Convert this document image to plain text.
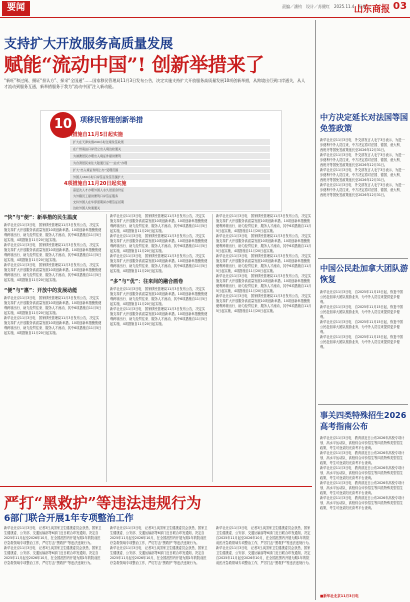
要闻	责编／潘钧　设计／苏健红　2025.11.4　星期二
山东商报 03
支持扩大开放服务高质量发展
赋能“流动中国”! 创新举措来了
“新旺”和过闸、摄证“担认方”、探采“全国通”……国家移民管理局11月3日发布公告，决定实施支持扩大开放服务高质量发展10项创新举措，从跨境出行到口岸通关，从人才流动到服务互通，新举措服务于我为“流动中国”注入新动能。
10	项移民管理创新举措
6项措施自11月5日起实施
扩大在天津实施240小时过境免签政策
在广州南站口岸设立出入境边检通关
为港澳居民办理出入境证件提供便利
为台湾居民来往大陆通行证“一站式”办理
扩大“出入境证件网上办”受理范围
外国人160小时口岸签证免签范围扩大
4项措施自11月20日起实施
高层次人才办理外国人永久居留身份证
为外籍员工提供便利口岸签证服务
支持外国人在华停留期间办理签证延期
边检外国人快速通关
“快”与“便”：新举措的民生温度
新华社北京11月3日电　国家移民管理局11月3日发布公告，决定实施支持扩大开放服务高质量发展10项创新举措。10项创新举措聚焦便利跨境出行、助力经贸往来、服务人才流动，其中6项措施自11月5日起实施，4项措施自11月20日起实施。
新华社北京11月3日电　国家移民管理局11月3日发布公告，决定实施支持扩大开放服务高质量发展10项创新举措。10项创新举措聚焦便利跨境出行、助力经贸往来、服务人才流动，其中6项措施自11月5日起实施，4项措施自11月20日起实施。
新华社北京11月3日电　国家移民管理局11月3日发布公告，决定实施支持扩大开放服务高质量发展10项创新举措。10项创新举措聚焦便利跨境出行、助力经贸往来、服务人才流动，其中6项措施自11月5日起实施，4项措施自11月20日起实施。
“便”与“惠”：开放中的发展动能
新华社北京11月3日电　国家移民管理局11月3日发布公告，决定实施支持扩大开放服务高质量发展10项创新举措。10项创新举措聚焦便利跨境出行、助力经贸往来、服务人才流动，其中6项措施自11月5日起实施，4项措施自11月20日起实施。
新华社北京11月3日电　国家移民管理局11月3日发布公告，决定实施支持扩大开放服务高质量发展10项创新举措。10项创新举措聚焦便利跨境出行、助力经贸往来、服务人才流动，其中6项措施自11月5日起实施，4项措施自11月20日起实施。
新华社北京11月3日电　国家移民管理局11月3日发布公告，决定实施支持扩大开放服务高质量发展10项创新举措。10项创新举措聚焦便利跨境出行、助力经贸往来、服务人才流动，其中6项措施自11月5日起实施，4项措施自11月20日起实施。
新华社北京11月3日电　国家移民管理局11月3日发布公告，决定实施支持扩大开放服务高质量发展10项创新举措。10项创新举措聚焦便利跨境出行、助力经贸往来、服务人才流动，其中6项措施自11月5日起实施，4项措施自11月20日起实施。
新华社北京11月3日电　国家移民管理局11月3日发布公告，决定实施支持扩大开放服务高质量发展10项创新举措。10项创新举措聚焦便利跨境出行、助力经贸往来、服务人才流动，其中6项措施自11月5日起实施，4项措施自11月20日起实施。
“多”与“优”：往来间的融合画卷
新华社北京11月3日电　国家移民管理局11月3日发布公告，决定实施支持扩大开放服务高质量发展10项创新举措。10项创新举措聚焦便利跨境出行、助力经贸往来、服务人才流动，其中6项措施自11月5日起实施，4项措施自11月20日起实施。
新华社北京11月3日电　国家移民管理局11月3日发布公告，决定实施支持扩大开放服务高质量发展10项创新举措。10项创新举措聚焦便利跨境出行、助力经贸往来、服务人才流动，其中6项措施自11月5日起实施，4项措施自11月20日起实施。
新华社北京11月3日电　国家移民管理局11月3日发布公告，决定实施支持扩大开放服务高质量发展10项创新举措。10项创新举措聚焦便利跨境出行、助力经贸往来、服务人才流动，其中6项措施自11月5日起实施，4项措施自11月20日起实施。
新华社北京11月3日电　国家移民管理局11月3日发布公告，决定实施支持扩大开放服务高质量发展10项创新举措。10项创新举措聚焦便利跨境出行、助力经贸往来、服务人才流动，其中6项措施自11月5日起实施，4项措施自11月20日起实施。
新华社北京11月3日电　国家移民管理局11月3日发布公告，决定实施支持扩大开放服务高质量发展10项创新举措。10项创新举措聚焦便利跨境出行、助力经贸往来、服务人才流动，其中6项措施自11月5日起实施，4项措施自11月20日起实施。
新华社北京11月3日电　国家移民管理局11月3日发布公告，决定实施支持扩大开放服务高质量发展10项创新举措。10项创新举措聚焦便利跨境出行、助力经贸往来、服务人才流动，其中6项措施自11月5日起实施，4项措施自11月20日起实施。
新华社北京11月3日电　国家移民管理局11月3日发布公告，决定实施支持扩大开放服务高质量发展10项创新举措。10项创新举措聚焦便利跨境出行、助力经贸往来、服务人才流动，其中6项措施自11月5日起实施，4项措施自11月20日起实施。
严打“黑救护”等违法违规行为
6部门联合开展1年专项整治工作
新华社北京11月3日电　记者3日从国家卫生健康委员会获悉，国家卫生健康委、公安部、交通运输部等6部门近日联合印发通知，决定自2025年11月起至2026年10月，在全国范围内开展为期1年的院前医疗急救领域专项整治工作，严厉打击“黑救护”等违法违规行为。
新华社北京11月3日电　记者3日从国家卫生健康委员会获悉，国家卫生健康委、公安部、交通运输部等6部门近日联合印发通知，决定自2025年11月起至2026年10月，在全国范围内开展为期1年的院前医疗急救领域专项整治工作，严厉打击“黑救护”等违法违规行为。
新华社北京11月3日电　记者3日从国家卫生健康委员会获悉，国家卫生健康委、公安部、交通运输部等6部门近日联合印发通知，决定自2025年11月起至2026年10月，在全国范围内开展为期1年的院前医疗急救领域专项整治工作，严厉打击“黑救护”等违法违规行为。
新华社北京11月3日电　记者3日从国家卫生健康委员会获悉，国家卫生健康委、公安部、交通运输部等6部门近日联合印发通知，决定自2025年11月起至2026年10月，在全国范围内开展为期1年的院前医疗急救领域专项整治工作，严厉打击“黑救护”等违法违规行为。
新华社北京11月3日电　记者3日从国家卫生健康委员会获悉，国家卫生健康委、公安部、交通运输部等6部门近日联合印发通知，决定自2025年11月起至2026年10月，在全国范围内开展为期1年的院前医疗急救领域专项整治工作，严厉打击“黑救护”等违法违规行为。
新华社北京11月3日电　记者3日从国家卫生健康委员会获悉，国家卫生健康委、公安部、交通运输部等6部门近日联合印发通知，决定自2025年11月起至2026年10月，在全国范围内开展为期1年的院前医疗急救领域专项整治工作，严厉打击“黑救护”等违法违规行为。
中方决定延长对法国等国免签政策
新华社北京11月3日电　外交部发言人毛宁3日表示，为进一步便利中外人员往来，中方决定将对法国、德国、意大利、西班牙等国免签政策延长至2026年12月31日。
新华社北京11月3日电　外交部发言人毛宁3日表示，为进一步便利中外人员往来，中方决定将对法国、德国、意大利、西班牙等国免签政策延长至2026年12月31日。
新华社北京11月3日电　外交部发言人毛宁3日表示，为进一步便利中外人员往来，中方决定将对法国、德国、意大利、西班牙等国免签政策延长至2026年12月31日。
新华社北京11月3日电　外交部发言人毛宁3日表示，为进一步便利中外人员往来，中方决定将对法国、德国、意大利、西班牙等国免签政策延长至2026年12月31日。
中国公民赴加拿大团队游恢复
新华社北京11月3日电　自2025年11月15日起，恢复中国公民赴加拿大团队旅游业务，为中外人员往来提供更多便利。
新华社北京11月3日电　自2025年11月15日起，恢复中国公民赴加拿大团队旅游业务，为中外人员往来提供更多便利。
新华社北京11月3日电　自2025年11月15日起，恢复中国公民赴加拿大团队旅游业务，为中外人员往来提供更多便利。
新华社北京11月3日电　自2025年11月15日起，恢复中国公民赴加拿大团队旅游业务，为中外人员往来提供更多便利。
事关四类特殊招生2026高考指南公布
新华社北京11月3日电　教育部近日公布2026年高校专项计划、高水平运动队、高校综合评价招生等四类特殊类型招生政策，考生可登录阳光高考平台查询。
新华社北京11月3日电　教育部近日公布2026年高校专项计划、高水平运动队、高校综合评价招生等四类特殊类型招生政策，考生可登录阳光高考平台查询。
新华社北京11月3日电　教育部近日公布2026年高校专项计划、高水平运动队、高校综合评价招生等四类特殊类型招生政策，考生可登录阳光高考平台查询。
新华社北京11月3日电　教育部近日公布2026年高校专项计划、高水平运动队、高校综合评价招生等四类特殊类型招生政策，考生可登录阳光高考平台查询。
新华社北京11月3日电　教育部近日公布2026年高校专项计划、高水平运动队、高校综合评价招生等四类特殊类型招生政策，考生可登录阳光高考平台查询。
■新华社北京11月3日电
